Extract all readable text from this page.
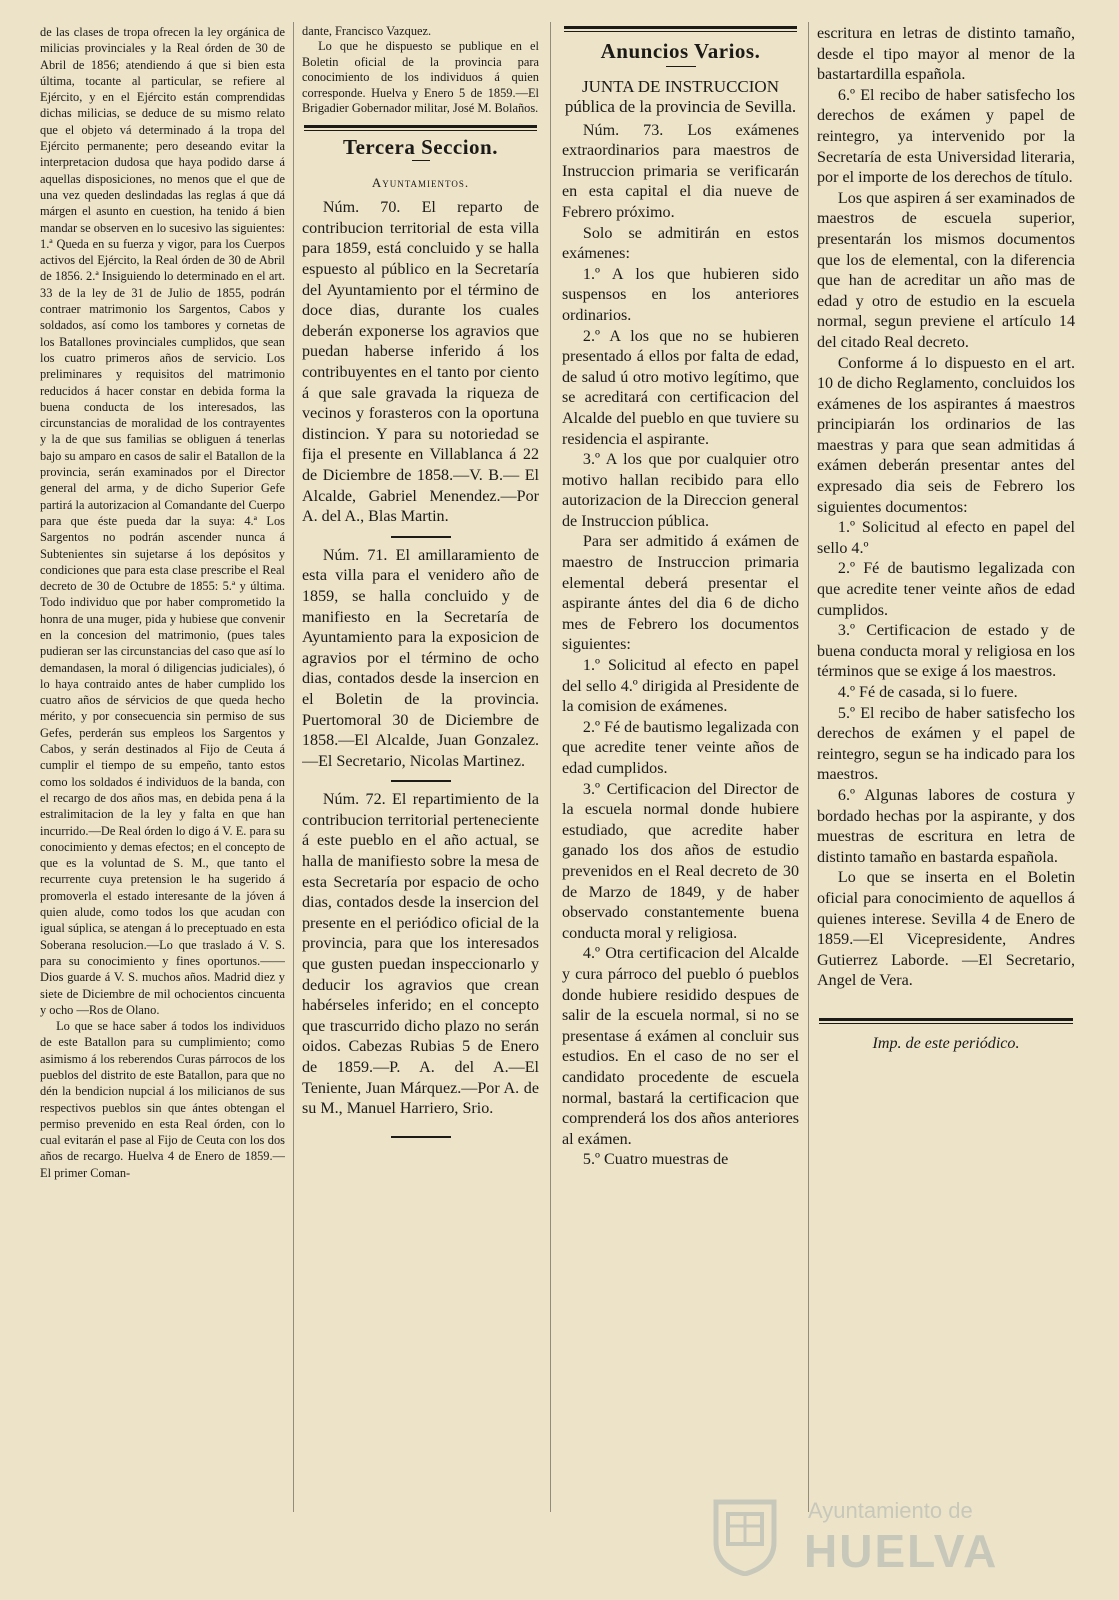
de las clases de tropa ofrecen la ley orgánica de milicias provinciales y la Real órden de 30 de Abril de 1856; atendiendo á que si bien esta última, tocante al particular, se refiere al Ejército, y en el Ejército están comprendidas dichas milicias, se deduce de su mismo relato que el objeto vá determinado á la tropa del Ejército permanente; pero deseando evitar la interpretacion dudosa que haya podido darse á aquellas disposiciones, no menos que el que de una vez queden deslindadas las reglas á que dá márgen el asunto en cuestion, ha tenido á bien mandar se observen en lo sucesivo las siguientes: 1.ª Queda en su fuerza y vigor, para los Cuerpos activos del Ejército, la Real órden de 30 de Abril de 1856. 2.ª Insiguiendo lo determinado en el art. 33 de la ley de 31 de Julio de 1855, podrán contraer matrimonio los Sargentos, Cabos y soldados, así como los tambores y cornetas de los Batallones provinciales cumplidos, que sean los cuatro primeros años de servicio. Los preliminares y requisitos del matrimonio reducidos á hacer constar en debida forma la buena conducta de los interesados, las circunstancias de moralidad de los contrayentes y la de que sus familias se obliguen á tenerlas bajo su amparo en casos de salir el Batallon de la provincia, serán examinados por el Director general del arma, y de dicho Superior Gefe partirá la autorizacion al Comandante del Cuerpo para que éste pueda dar la suya: 4.ª Los Sargentos no podrán ascender nunca á Subtenientes sin sujetarse á los depósitos y condiciones que para esta clase prescribe el Real decreto de 30 de Octubre de 1855: 5.ª y última. Todo individuo que por haber comprometido la honra de una muger, pida y hubiese que convenir en la concesion del matrimonio, (pues tales pudieran ser las circunstancias del caso que así lo demandasen, la moral ó diligencias judiciales), ó lo haya contraido antes de haber cumplido los cuatro años de sérvicios de que queda hecho mérito, y por consecuencia sin permiso de sus Gefes, perderán sus empleos los Sargentos y Cabos, y serán destinados al Fijo de Ceuta á cumplir el tiempo de su empeño, tanto estos como los soldados é individuos de la banda, con el recargo de dos años mas, en debida pena á la estralimitacion de la ley y falta en que han incurrido.—De Real órden lo digo á V. E. para su conocimiento y demas efectos; en el concepto de que es la voluntad de S. M., que tanto el recurrente cuya pretension le ha sugerido á promoverla el estado interesante de la jóven á quien alude, como todos los que acudan con igual súplica, se atengan á lo preceptuado en esta Soberana resolucion.—Lo que traslado á V. S. para su conocimiento y fines oportunos.—— Dios guarde á V. S. muchos años. Madrid diez y siete de Diciembre de mil ochocientos cincuenta y ocho —Ros de Olano.

Lo que se hace saber á todos los individuos de este Batallon para su cumplimiento; como asimismo á los reberendos Curas párrocos de los pueblos del distrito de este Batallon, para que no dén la bendicion nupcial á los milicianos de sus respectivos pueblos sin que ántes obtengan el permiso prevenido en esta Real órden, con lo cual evitarán el pase al Fijo de Ceuta con los dos años de recargo. Huelva 4 de Enero de 1859.—El primer Coman-

dante, Francisco Vazquez.

Lo que he dispuesto se publique en el Boletin oficial de la provincia para conocimiento de los individuos á quien corresponde. Huelva y Enero 5 de 1859.—El Brigadier Gobernador militar, José M. Bolaños.

Tercera Seccion.
Ayuntamientos.

Núm. 70. El reparto de contribucion territorial de esta villa para 1859, está concluido y se halla espuesto al público en la Secretaría del Ayuntamiento por el término de doce dias, durante los cuales deberán exponerse los agravios que puedan haberse inferido á los contribuyentes en el tanto por ciento á que sale gravada la riqueza de vecinos y forasteros con la oportuna distincion. Y para su notoriedad se fija el presente en Villablanca á 22 de Diciembre de 1858.—V. B.— El Alcalde, Gabriel Menendez.—Por A. del A., Blas Martin.

Núm. 71. El amillaramiento de esta villa para el venidero año de 1859, se halla concluido y de manifiesto en la Secretaría de Ayuntamiento para la exposicion de agravios por el término de ocho dias, contados desde la insercion en el Boletin de la provincia. Puertomoral 30 de Diciembre de 1858.—El Alcalde, Juan Gonzalez.—El Secretario, Nicolas Martinez.

Núm. 72. El repartimiento de la contribucion territorial perteneciente á este pueblo en el año actual, se halla de manifiesto sobre la mesa de esta Secretaría por espacio de ocho dias, contados desde la insercion del presente en el periódico oficial de la provincia, para que los interesados que gusten puedan inspeccionarlo y deducir los agravios que crean habérseles inferido; en el concepto que trascurrido dicho plazo no serán oidos. Cabezas Rubias 5 de Enero de 1859.—P. A. del A.—El Teniente, Juan Márquez.—Por A. de su M., Manuel Harriero, Srio.

Anuncios Varios.
JUNTA DE INSTRUCCION
pública de la provincia de Sevilla.

Núm. 73. Los exámenes extraordinarios para maestros de Instruccion primaria se verificarán en esta capital el dia nueve de Febrero próximo.

Solo se admitirán en estos exámenes:

1.º A los que hubieren sido suspensos en los anteriores ordinarios.

2.º A los que no se hubieren presentado á ellos por falta de edad, de salud ú otro motivo legítimo, que se acreditará con certificacion del Alcalde del pueblo en que tuviere su residencia el aspirante.

3.º A los que por cualquier otro motivo hallan recibido para ello autorizacion de la Direccion general de Instruccion pública.

Para ser admitido á exámen de maestro de Instruccion primaria elemental deberá presentar el aspirante ántes del dia 6 de dicho mes de Febrero los documentos siguientes:

1.º Solicitud al efecto en papel del sello 4.º dirigida al Presidente de la comision de exámenes.

2.º Fé de bautismo legalizada con que acredite tener veinte años de edad cumplidos.

3.º Certificacion del Director de la escuela normal donde hubiere estudiado, que acredite haber ganado los dos años de estudio prevenidos en el Real decreto de 30 de Marzo de 1849, y de haber observado constantemente buena conducta moral y religiosa.

4.º Otra certificacion del Alcalde y cura párroco del pueblo ó pueblos donde hubiere residido despues de salir de la escuela normal, si no se presentase á exámen al concluir sus estudios. En el caso de no ser el candidato procedente de escuela normal, bastará la certificacion que comprenderá los dos años anteriores al exámen.

5.º Cuatro muestras de

escritura en letras de distinto tamaño, desde el tipo mayor al menor de la bastartardilla española.

6.º El recibo de haber satisfecho los derechos de exámen y papel de reintegro, ya intervenido por la Secretaría de esta Universidad literaria, por el importe de los derechos de título.

Los que aspiren á ser examinados de maestros de escuela superior, presentarán los mismos documentos que los de elemental, con la diferencia que han de acreditar un año mas de edad y otro de estudio en la escuela normal, segun previene el artículo 14 del citado Real decreto.

Conforme á lo dispuesto en el art. 10 de dicho Reglamento, concluidos los exámenes de los aspirantes á maestros principiarán los ordinarios de las maestras y para que sean admitidas á exámen deberán presentar antes del expresado dia seis de Febrero los siguientes documentos:

1.º Solicitud al efecto en papel del sello 4.º

2.º Fé de bautismo legalizada con que acredite tener veinte años de edad cumplidos.

3.º Certificacion de estado y de buena conducta moral y religiosa en los términos que se exige á los maestros.

4.º Fé de casada, si lo fuere.

5.º El recibo de haber satisfecho los derechos de exámen y el papel de reintegro, segun se ha indicado para los maestros.

6.º Algunas labores de costura y bordado hechas por la aspirante, y dos muestras de escritura en letra de distinto tamaño en bastarda española.

Lo que se inserta en el Boletin oficial para conocimiento de aquellos á quienes interese. Sevilla 4 de Enero de 1859.—El Vicepresidente, Andres Gutierrez Laborde. —El Secretario, Angel de Vera.

Imp. de este periódico.
Ayuntamiento de
HUELVA
